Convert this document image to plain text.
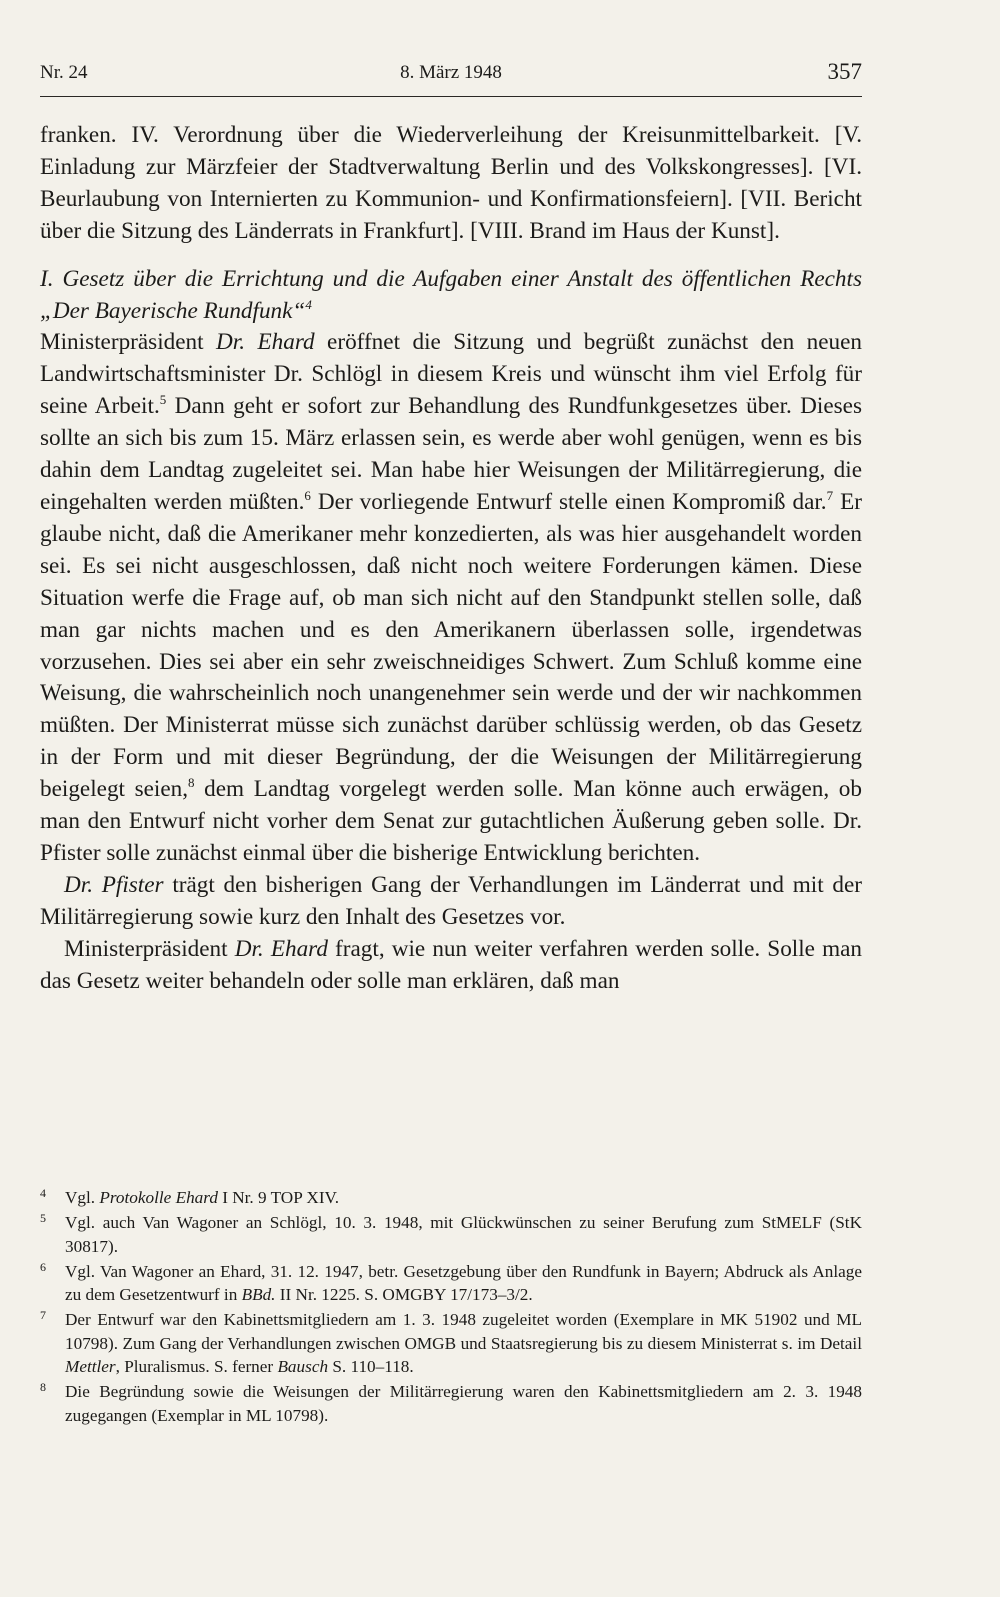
Nr. 24	8. März 1948	357

franken. IV. Verordnung über die Wiederverleihung der Kreisunmittelbarkeit. [V. Einladung zur Märzfeier der Stadtverwaltung Berlin und des Volkskongresses]. [VI. Beurlaubung von Internierten zu Kommunion- und Konfirmationsfeiern]. [VII. Bericht über die Sitzung des Länderrats in Frankfurt]. [VIII. Brand im Haus der Kunst].

I. Gesetz über die Errichtung und die Aufgaben einer Anstalt des öffentlichen Rechts „Der Bayerische Rundfunk“$^4$

Ministerpräsident Dr. Ehard eröffnet die Sitzung und begrüßt zunächst den neuen Landwirtschaftsminister Dr. Schlögl in diesem Kreis und wünscht ihm viel Erfolg für seine Arbeit.$^5$ Dann geht er sofort zur Behandlung des Rundfunkgesetzes über. Dieses sollte an sich bis zum 15. März erlassen sein, es werde aber wohl genügen, wenn es bis dahin dem Landtag zugeleitet sei. Man habe hier Weisungen der Militärregierung, die eingehalten werden müßten.$^6$ Der vorliegende Entwurf stelle einen Kompromiß dar.$^7$ Er glaube nicht, daß die Amerikaner mehr konzedierten, als was hier ausgehandelt worden sei. Es sei nicht ausgeschlossen, daß nicht noch weitere Forderungen kämen. Diese Situation werfe die Frage auf, ob man sich nicht auf den Standpunkt stellen solle, daß man gar nichts machen und es den Amerikanern überlassen solle, irgendetwas vorzusehen. Dies sei aber ein sehr zweischneidiges Schwert. Zum Schluß komme eine Weisung, die wahrscheinlich noch unangenehmer sein werde und der wir nachkommen müßten. Der Ministerrat müsse sich zunächst darüber schlüssig werden, ob das Gesetz in der Form und mit dieser Begründung, der die Weisungen der Militärregierung beigelegt seien,$^8$ dem Landtag vorgelegt werden solle. Man könne auch erwägen, ob man den Entwurf nicht vorher dem Senat zur gutachtlichen Äußerung geben solle. Dr. Pfister solle zunächst einmal über die bisherige Entwicklung berichten.

Dr. Pfister trägt den bisherigen Gang der Verhandlungen im Länderrat und mit der Militärregierung sowie kurz den Inhalt des Gesetzes vor.

Ministerpräsident Dr. Ehard fragt, wie nun weiter verfahren werden solle. Solle man das Gesetz weiter behandeln oder solle man erklären, daß man

4 Vgl. Protokolle Ehard I Nr. 9 TOP XIV.
5 Vgl. auch Van Wagoner an Schlögl, 10. 3. 1948, mit Glückwünschen zu seiner Berufung zum StMELF (StK 30817).
6 Vgl. Van Wagoner an Ehard, 31. 12. 1947, betr. Gesetzgebung über den Rundfunk in Bayern; Abdruck als Anlage zu dem Gesetzentwurf in BBd. II Nr. 1225. S. OMGBY 17/173–3/2.
7 Der Entwurf war den Kabinettsmitgliedern am 1. 3. 1948 zugeleitet worden (Exemplare in MK 51902 und ML 10798). Zum Gang der Verhandlungen zwischen OMGB und Staatsregierung bis zu diesem Ministerrat s. im Detail Mettler, Pluralismus. S. ferner Bausch S. 110–118.
8 Die Begründung sowie die Weisungen der Militärregierung waren den Kabinettsmitgliedern am 2. 3. 1948 zugegangen (Exemplar in ML 10798).
